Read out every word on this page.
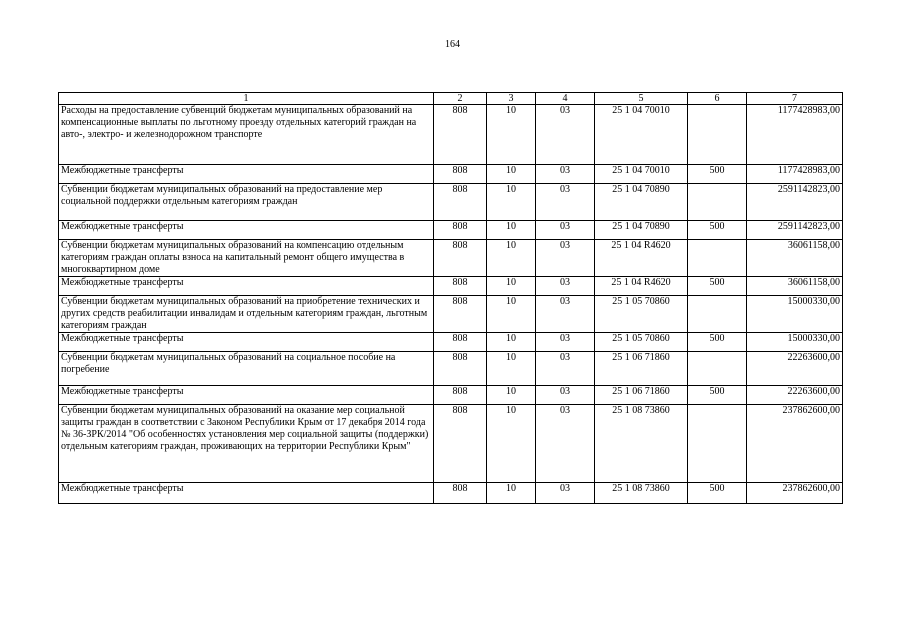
164
1	2	3	4	5	6	7
Расходы на предоставление субвенций бюджетам муниципальных образований на компенсационные выплаты по льготному проезду отдельных категорий граждан на авто-, электро- и железнодорожном транспорте	808	10	03	25 1 04 70010		1177428983,00
Межбюджетные трансферты	808	10	03	25 1 04 70010	500	1177428983,00
Субвенции бюджетам муниципальных образований на предоставление мер социальной поддержки отдельным категориям граждан	808	10	03	25 1 04 70890		2591142823,00
Межбюджетные трансферты	808	10	03	25 1 04 70890	500	2591142823,00
Субвенции бюджетам муниципальных образований на компенсацию отдельным категориям граждан оплаты взноса на капитальный ремонт общего имущества в многоквартирном доме	808	10	03	25 1 04 R4620		36061158,00
Межбюджетные трансферты	808	10	03	25 1 04 R4620	500	36061158,00
Субвенции бюджетам муниципальных образований на приобретение технических и других средств реабилитации инвалидам и отдельным категориям граждан, льготным категориям граждан	808	10	03	25 1 05 70860		15000330,00
Межбюджетные трансферты	808	10	03	25 1 05 70860	500	15000330,00
Субвенции бюджетам муниципальных образований на социальное пособие на погребение	808	10	03	25 1 06 71860		22263600,00
Межбюджетные трансферты	808	10	03	25 1 06 71860	500	22263600,00
Субвенции бюджетам муниципальных образований на оказание мер социальной защиты граждан в соответствии с Законом Республики Крым от 17 декабря 2014 года № 36-ЗРК/2014 "Об особенностях установления мер социальной защиты (поддержки) отдельным категориям граждан, проживающих на территории Республики Крым"	808	10	03	25 1 08 73860		237862600,00
Межбюджетные трансферты	808	10	03	25 1 08 73860	500	237862600,00
